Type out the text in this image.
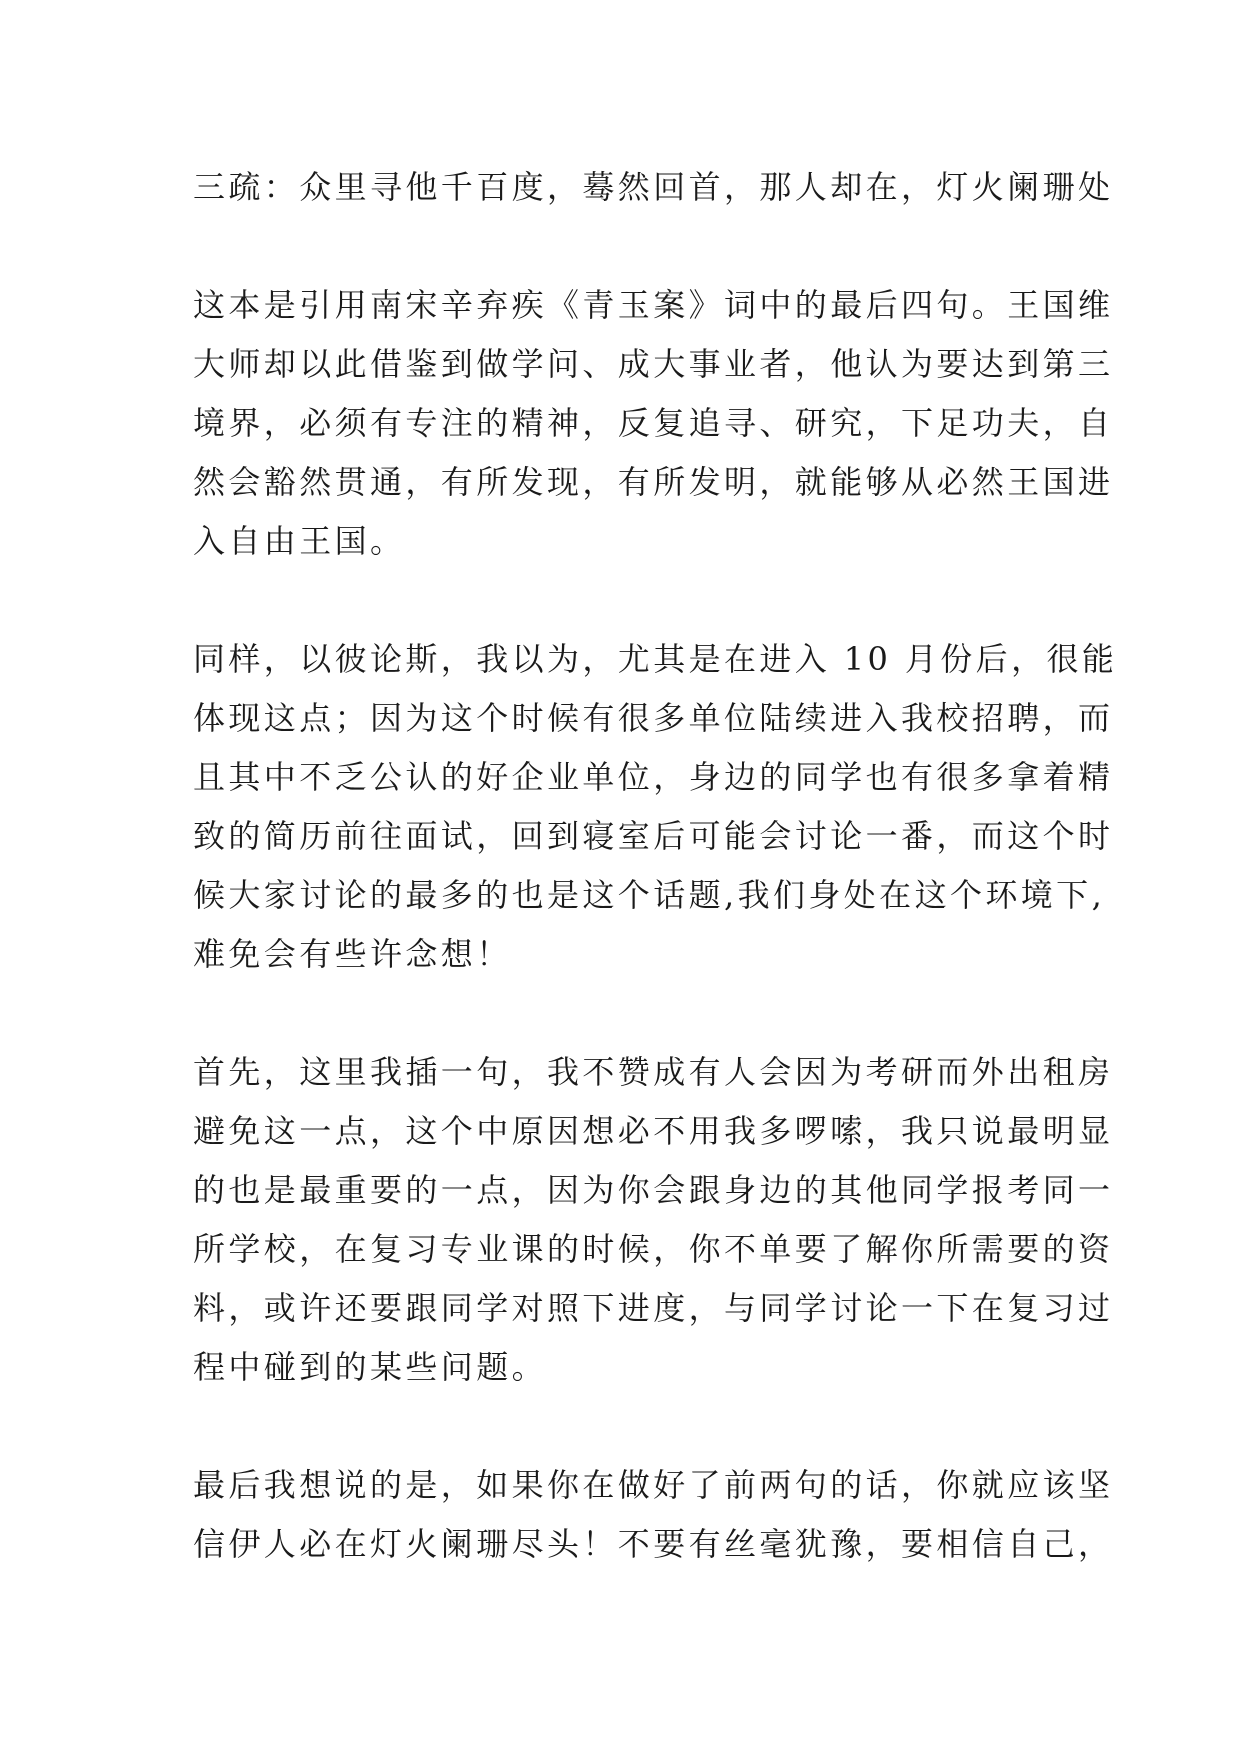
三疏：众里寻他千百度，蓦然回首，那人却在，灯火阑珊处

这本是引用南宋辛弃疾《青玉案》词中的最后四句。王国维
大师却以此借鉴到做学问、成大事业者，他认为要达到第三
境界，必须有专注的精神，反复追寻、研究，下足功夫，自
然会豁然贯通，有所发现，有所发明，就能够从必然王国进
入自由王国。

同样，以彼论斯，我以为，尤其是在进入 10 月份后，很能
体现这点；因为这个时候有很多单位陆续进入我校招聘，而
且其中不乏公认的好企业单位，身边的同学也有很多拿着精
致的简历前往面试，回到寝室后可能会讨论一番，而这个时
候大家讨论的最多的也是这个话题,我们身处在这个环境下,
难免会有些许念想！

首先，这里我插一句，我不赞成有人会因为考研而外出租房
避免这一点，这个中原因想必不用我多啰嗦，我只说最明显
的也是最重要的一点，因为你会跟身边的其他同学报考同一
所学校，在复习专业课的时候，你不单要了解你所需要的资
料，或许还要跟同学对照下进度，与同学讨论一下在复习过
程中碰到的某些问题。

最后我想说的是，如果你在做好了前两句的话，你就应该坚
信伊人必在灯火阑珊尽头！不要有丝毫犹豫，要相信自己，
